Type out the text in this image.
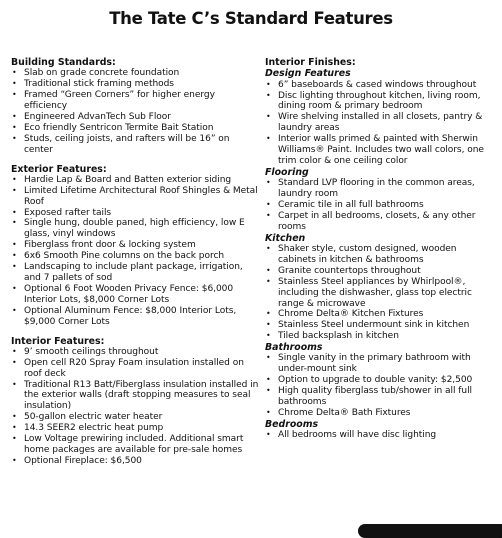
The Tate C’s Standard Features
Building Standards:
• Slab on grade concrete foundation
• Traditional stick framing methods
• Framed “Green Corners” for higher energy efficiency
• Engineered AdvanTech Sub Floor
• Eco friendly Sentricon Termite Bait Station
• Studs, ceiling joists, and rafters will be 16” on center
Exterior Features:
• Hardie Lap & Board and Batten exterior siding
• Limited Lifetime Architectural Roof Shingles & Metal Roof
• Exposed rafter tails
• Single hung, double paned, high efficiency, low E glass, vinyl windows
• Fiberglass front door & locking system
• 6x6 Smooth Pine columns on the back porch
• Landscaping to include plant package, irrigation, and 7 pallets of sod
• Optional 6 Foot Wooden Privacy Fence: $6,000 Interior Lots, $8,000 Corner Lots
• Optional Aluminum Fence: $8,000 Interior Lots, $9,000 Corner Lots
Interior Features:
• 9’ smooth ceilings throughout
• Open cell R20 Spray Foam insulation installed on roof deck
• Traditional R13 Batt/Fiberglass insulation installed in the exterior walls (draft stopping measures to seal insulation)
• 50-gallon electric water heater
• 14.3 SEER2 electric heat pump
• Low Voltage prewiring included. Additional smart home packages are available for pre-sale homes
• Optional Fireplace: $6,500
Interior Finishes:
Design Features
• 6” baseboards & cased windows throughout
• Disc lighting throughout kitchen, living room, dining room & primary bedroom
• Wire shelving installed in all closets, pantry & laundry areas
• Interior walls primed & painted with Sherwin Williams® Paint. Includes two wall colors, one trim color & one ceiling color
Flooring
• Standard LVP flooring in the common areas, laundry room
• Ceramic tile in all full bathrooms
• Carpet in all bedrooms, closets, & any other rooms
Kitchen
• Shaker style, custom designed, wooden cabinets in kitchen & bathrooms
• Granite countertops throughout
• Stainless Steel appliances by Whirlpool®, including the dishwasher, glass top electric range & microwave
• Chrome Delta® Kitchen Fixtures
• Stainless Steel undermount sink in kitchen
• Tiled backsplash in kitchen
Bathrooms
• Single vanity in the primary bathroom with under-mount sink
• Option to upgrade to double vanity: $2,500
• High quality fiberglass tub/shower in all full bathrooms
• Chrome Delta® Bath Fixtures
Bedrooms
• All bedrooms will have disc lighting
